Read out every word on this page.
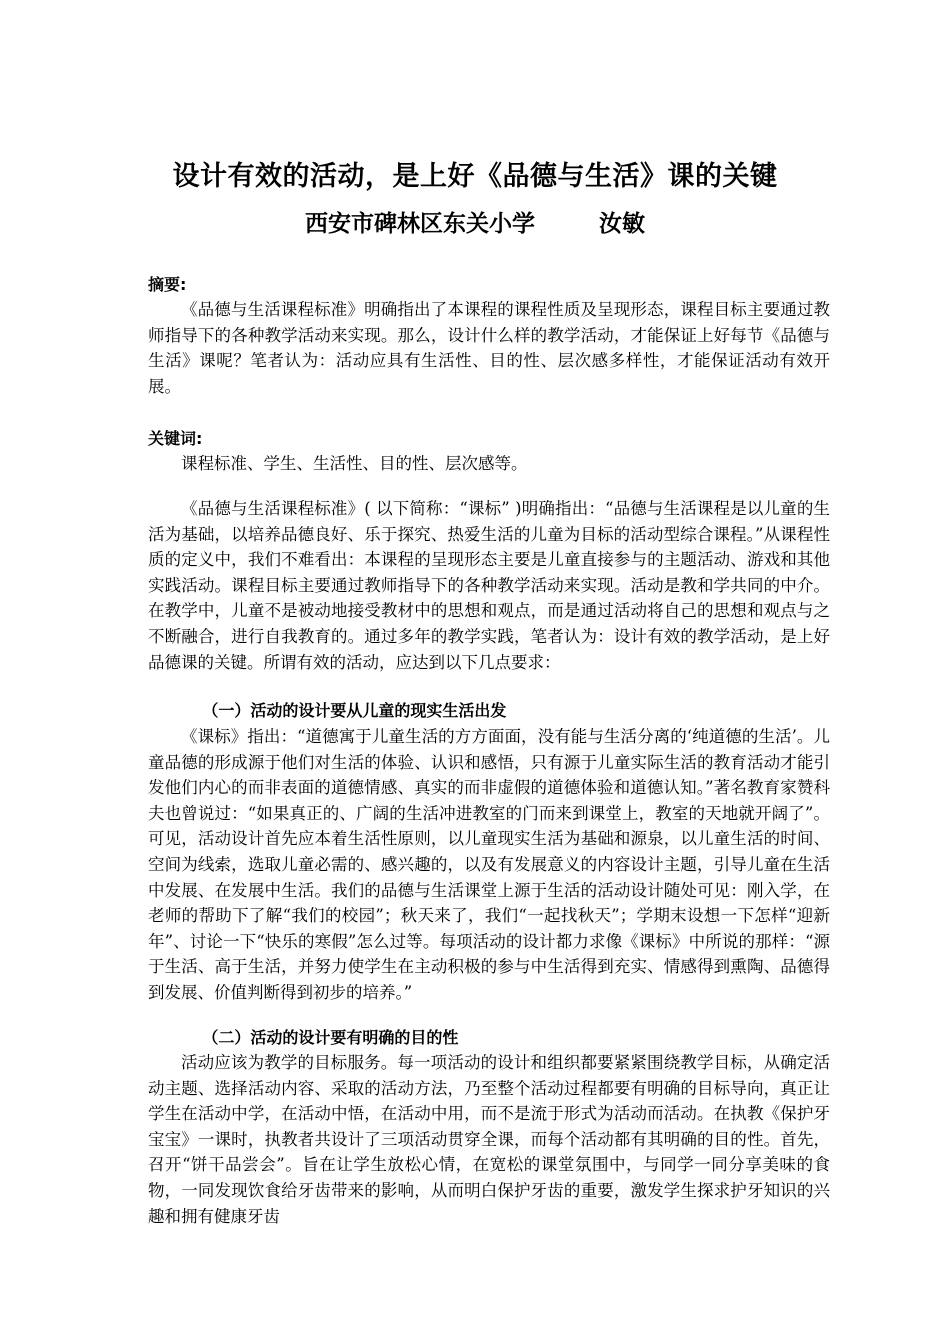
设计有效的活动，是上好《品德与生活》课的关键
西安市碑林区东关小学        汝敏
摘要:

《品德与生活课程标准》明确指出了本课程的课程性质及呈现形态，课程目标主要通过教师指导下的各种教学活动来实现。那么，设计什么样的教学活动，才能保证上好每节《品德与生活》课呢？笔者认为：活动应具有生活性、目的性、层次感多样性，才能保证活动有效开展。

关键词:

课程标准、学生、生活性、目的性、层次感等。

《品德与生活课程标准》( 以下简称：“课标” )明确指出：“品德与生活课程是以儿童的生活为基础，以培养品德良好、乐于探究、热爱生活的儿童为目标的活动型综合课程。”从课程性质的定义中，我们不难看出：本课程的呈现形态主要是儿童直接参与的主题活动、游戏和其他实践活动。课程目标主要通过教师指导下的各种教学活动来实现。活动是教和学共同的中介。在教学中，儿童不是被动地接受教材中的思想和观点，而是通过活动将自己的思想和观点与之不断融合，进行自我教育的。通过多年的教学实践，笔者认为：设计有效的教学活动，是上好品德课的关键。所谓有效的活动，应达到以下几点要求：

（一）活动的设计要从儿童的现实生活出发

《课标》指出：“道德寓于儿童生活的方方面面，没有能与生活分离的‘纯道德的生活’。儿童品德的形成源于他们对生活的体验、认识和感悟，只有源于儿童实际生活的教育活动才能引发他们内心的而非表面的道德情感、真实的而非虚假的道德体验和道德认知。”著名教育家赞科夫也曾说过：“如果真正的、广阔的生活冲进教室的门而来到课堂上，教室的天地就开阔了”。可见，活动设计首先应本着生活性原则，以儿童现实生活为基础和源泉，以儿童生活的时间、空间为线索，选取儿童必需的、感兴趣的，以及有发展意义的内容设计主题，引导儿童在生活中发展、在发展中生活。我们的品德与生活课堂上源于生活的活动设计随处可见：刚入学，在老师的帮助下了解“我们的校园”；秋天来了，我们“一起找秋天”；学期末设想一下怎样“迎新年”、讨论一下“快乐的寒假”怎么过等。每项活动的设计都力求像《课标》中所说的那样：“源于生活、高于生活，并努力使学生在主动积极的参与中生活得到充实、情感得到熏陶、品德得到发展、价值判断得到初步的培养。”

（二）活动的设计要有明确的目的性

活动应该为教学的目标服务。每一项活动的设计和组织都要紧紧围绕教学目标，从确定活动主题、选择活动内容、采取的活动方法，乃至整个活动过程都要有明确的目标导向，真正让学生在活动中学，在活动中悟，在活动中用，而不是流于形式为活动而活动。在执教《保护牙宝宝》一课时，执教者共设计了三项活动贯穿全课，而每个活动都有其明确的目的性。首先，召开“饼干品尝会”。旨在让学生放松心情，在宽松的课堂氛围中，与同学一同分享美味的食物，一同发现饮食给牙齿带来的影响，从而明白保护牙齿的重要，激发学生探求护牙知识的兴趣和拥有健康牙齿
